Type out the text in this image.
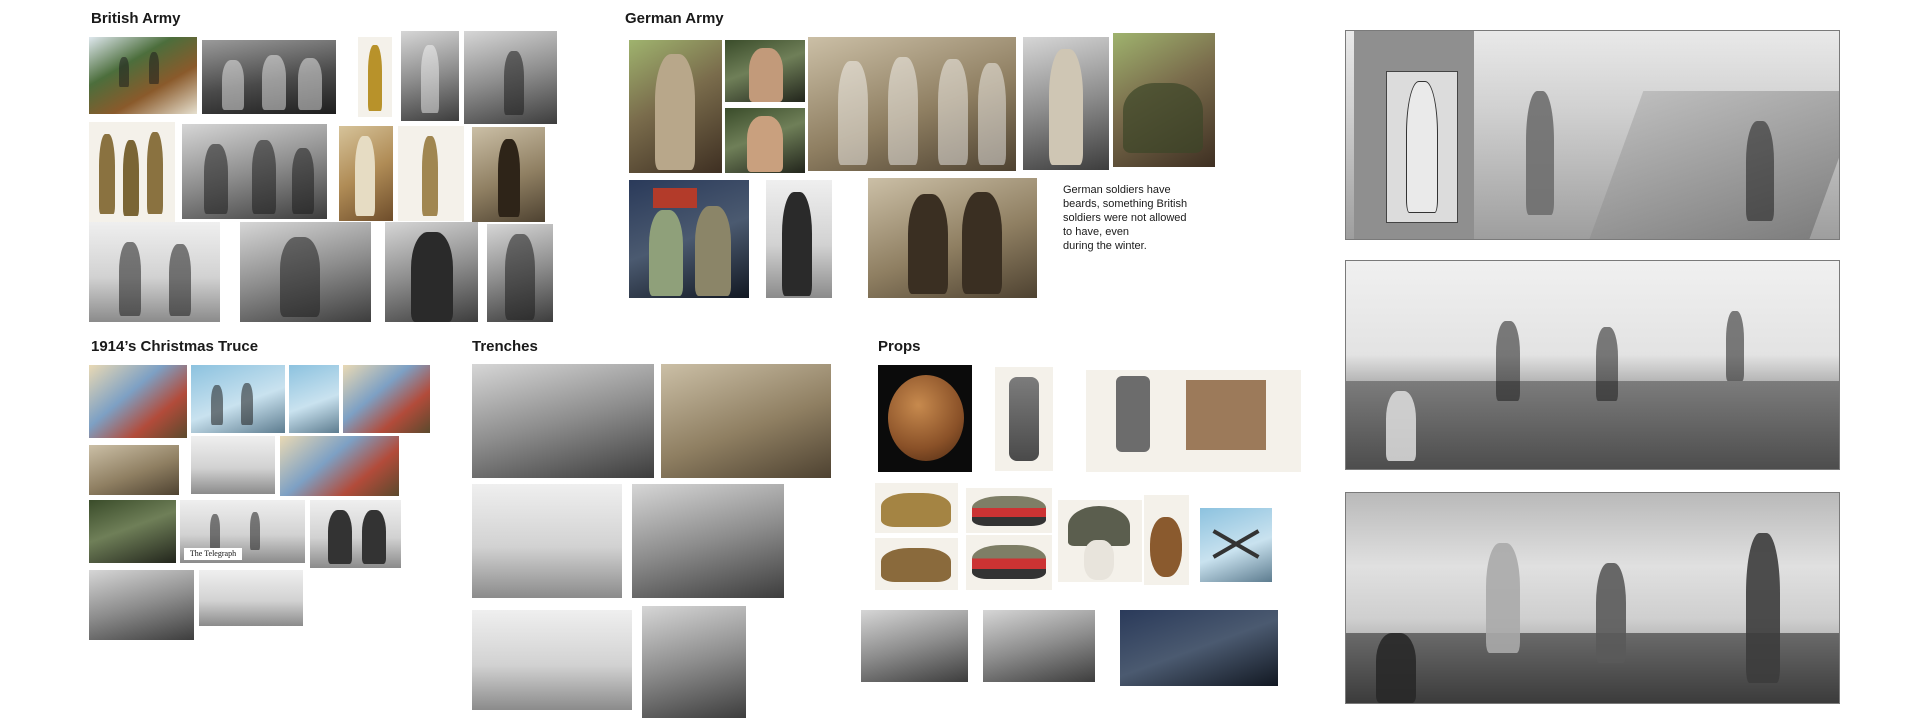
British Army	German Army
German soldiers have
beards, something British
soldiers were not allowed
to have, even
during the winter.
1914’s Christmas Truce
The Telegraph
Trenches	Props
